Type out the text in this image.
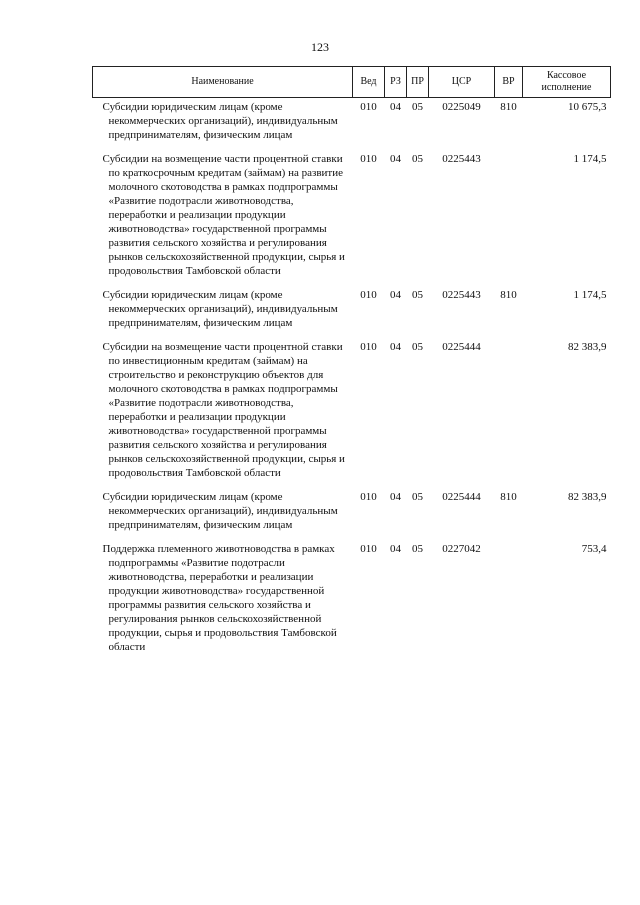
123
Наименование	Вед	РЗ	ПР	ЦСР	ВР	Кассовое исполнение
Субсидии юридическим лицам (кроме некоммерческих организаций), индивидуальным предпринимателям, физическим лицам	010	04	05	0225049	810	10 675,3
Субсидии на возмещение части процентной ставки по краткосрочным кредитам (займам) на развитие молочного скотоводства в рамках подпрограммы «Развитие подотрасли животноводства, переработки и реализации продукции животноводства» государственной программы развития сельского хозяйства и регулирования рынков сельскохозяйственной продукции, сырья и продовольствия Тамбовской области	010	04	05	0225443		1 174,5
Субсидии юридическим лицам (кроме некоммерческих организаций), индивидуальным предпринимателям, физическим лицам	010	04	05	0225443	810	1 174,5
Субсидии на возмещение части процентной ставки по инвестиционным кредитам (займам) на строительство и реконструкцию объектов для молочного скотоводства в рамках подпрограммы «Развитие подотрасли животноводства, переработки и реализации продукции животноводства» государственной программы развития сельского хозяйства и регулирования рынков сельскохозяйственной продукции, сырья и продовольствия Тамбовской области	010	04	05	0225444		82 383,9
Субсидии юридическим лицам (кроме некоммерческих организаций), индивидуальным предпринимателям, физическим лицам	010	04	05	0225444	810	82 383,9
Поддержка племенного животноводства в рамках подпрограммы «Развитие подотрасли животноводства, переработки и реализации продукции животноводства» государственной программы развития сельского хозяйства и регулирования рынков сельскохозяйственной продукции, сырья и продовольствия Тамбовской области	010	04	05	0227042		753,4
